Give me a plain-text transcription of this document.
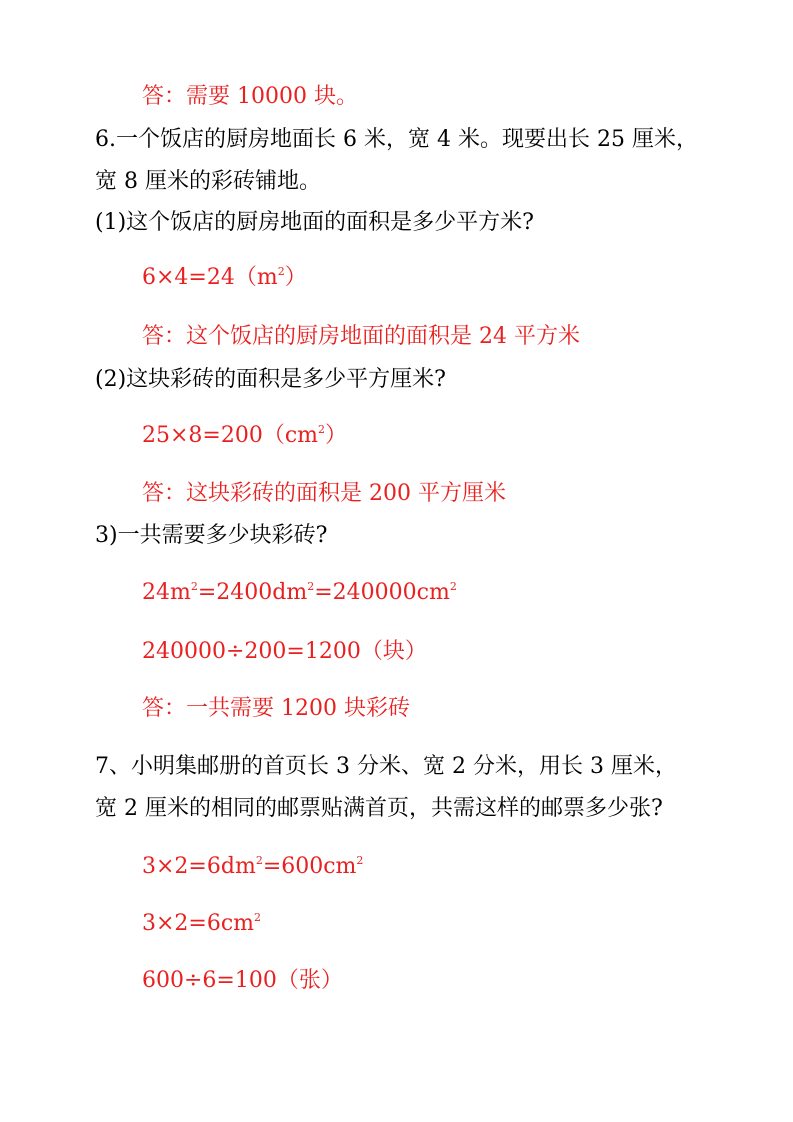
答：需要 10000 块。

6.一个饭店的厨房地面长 6 米，宽 4 米。现要出长 25 厘米，

宽 8 厘米的彩砖铺地。

(1)这个饭店的厨房地面的面积是多少平方米?

$6\times 4=24(m^2)$

答：这个饭店的厨房地面的面积是 24 平方米

(2)这块彩砖的面积是多少平方厘米?

$25\times 8=200(cm^2)$

答：这块彩砖的面积是 200 平方厘米

3)一共需要多少块彩砖?

$24m^2=2400dm^2=240000cm^2$

240000÷200=1200（块）

答：一共需要 1200 块彩砖

7、小明集邮册的首页长 3 分米、宽 2 分米，用长 3 厘米，

宽 2 厘米的相同的邮票贴满首页，共需这样的邮票多少张?

$3\times 2=6dm^2=600cm^2$

$3\times 2=6cm^2$

600÷6=100（张）
